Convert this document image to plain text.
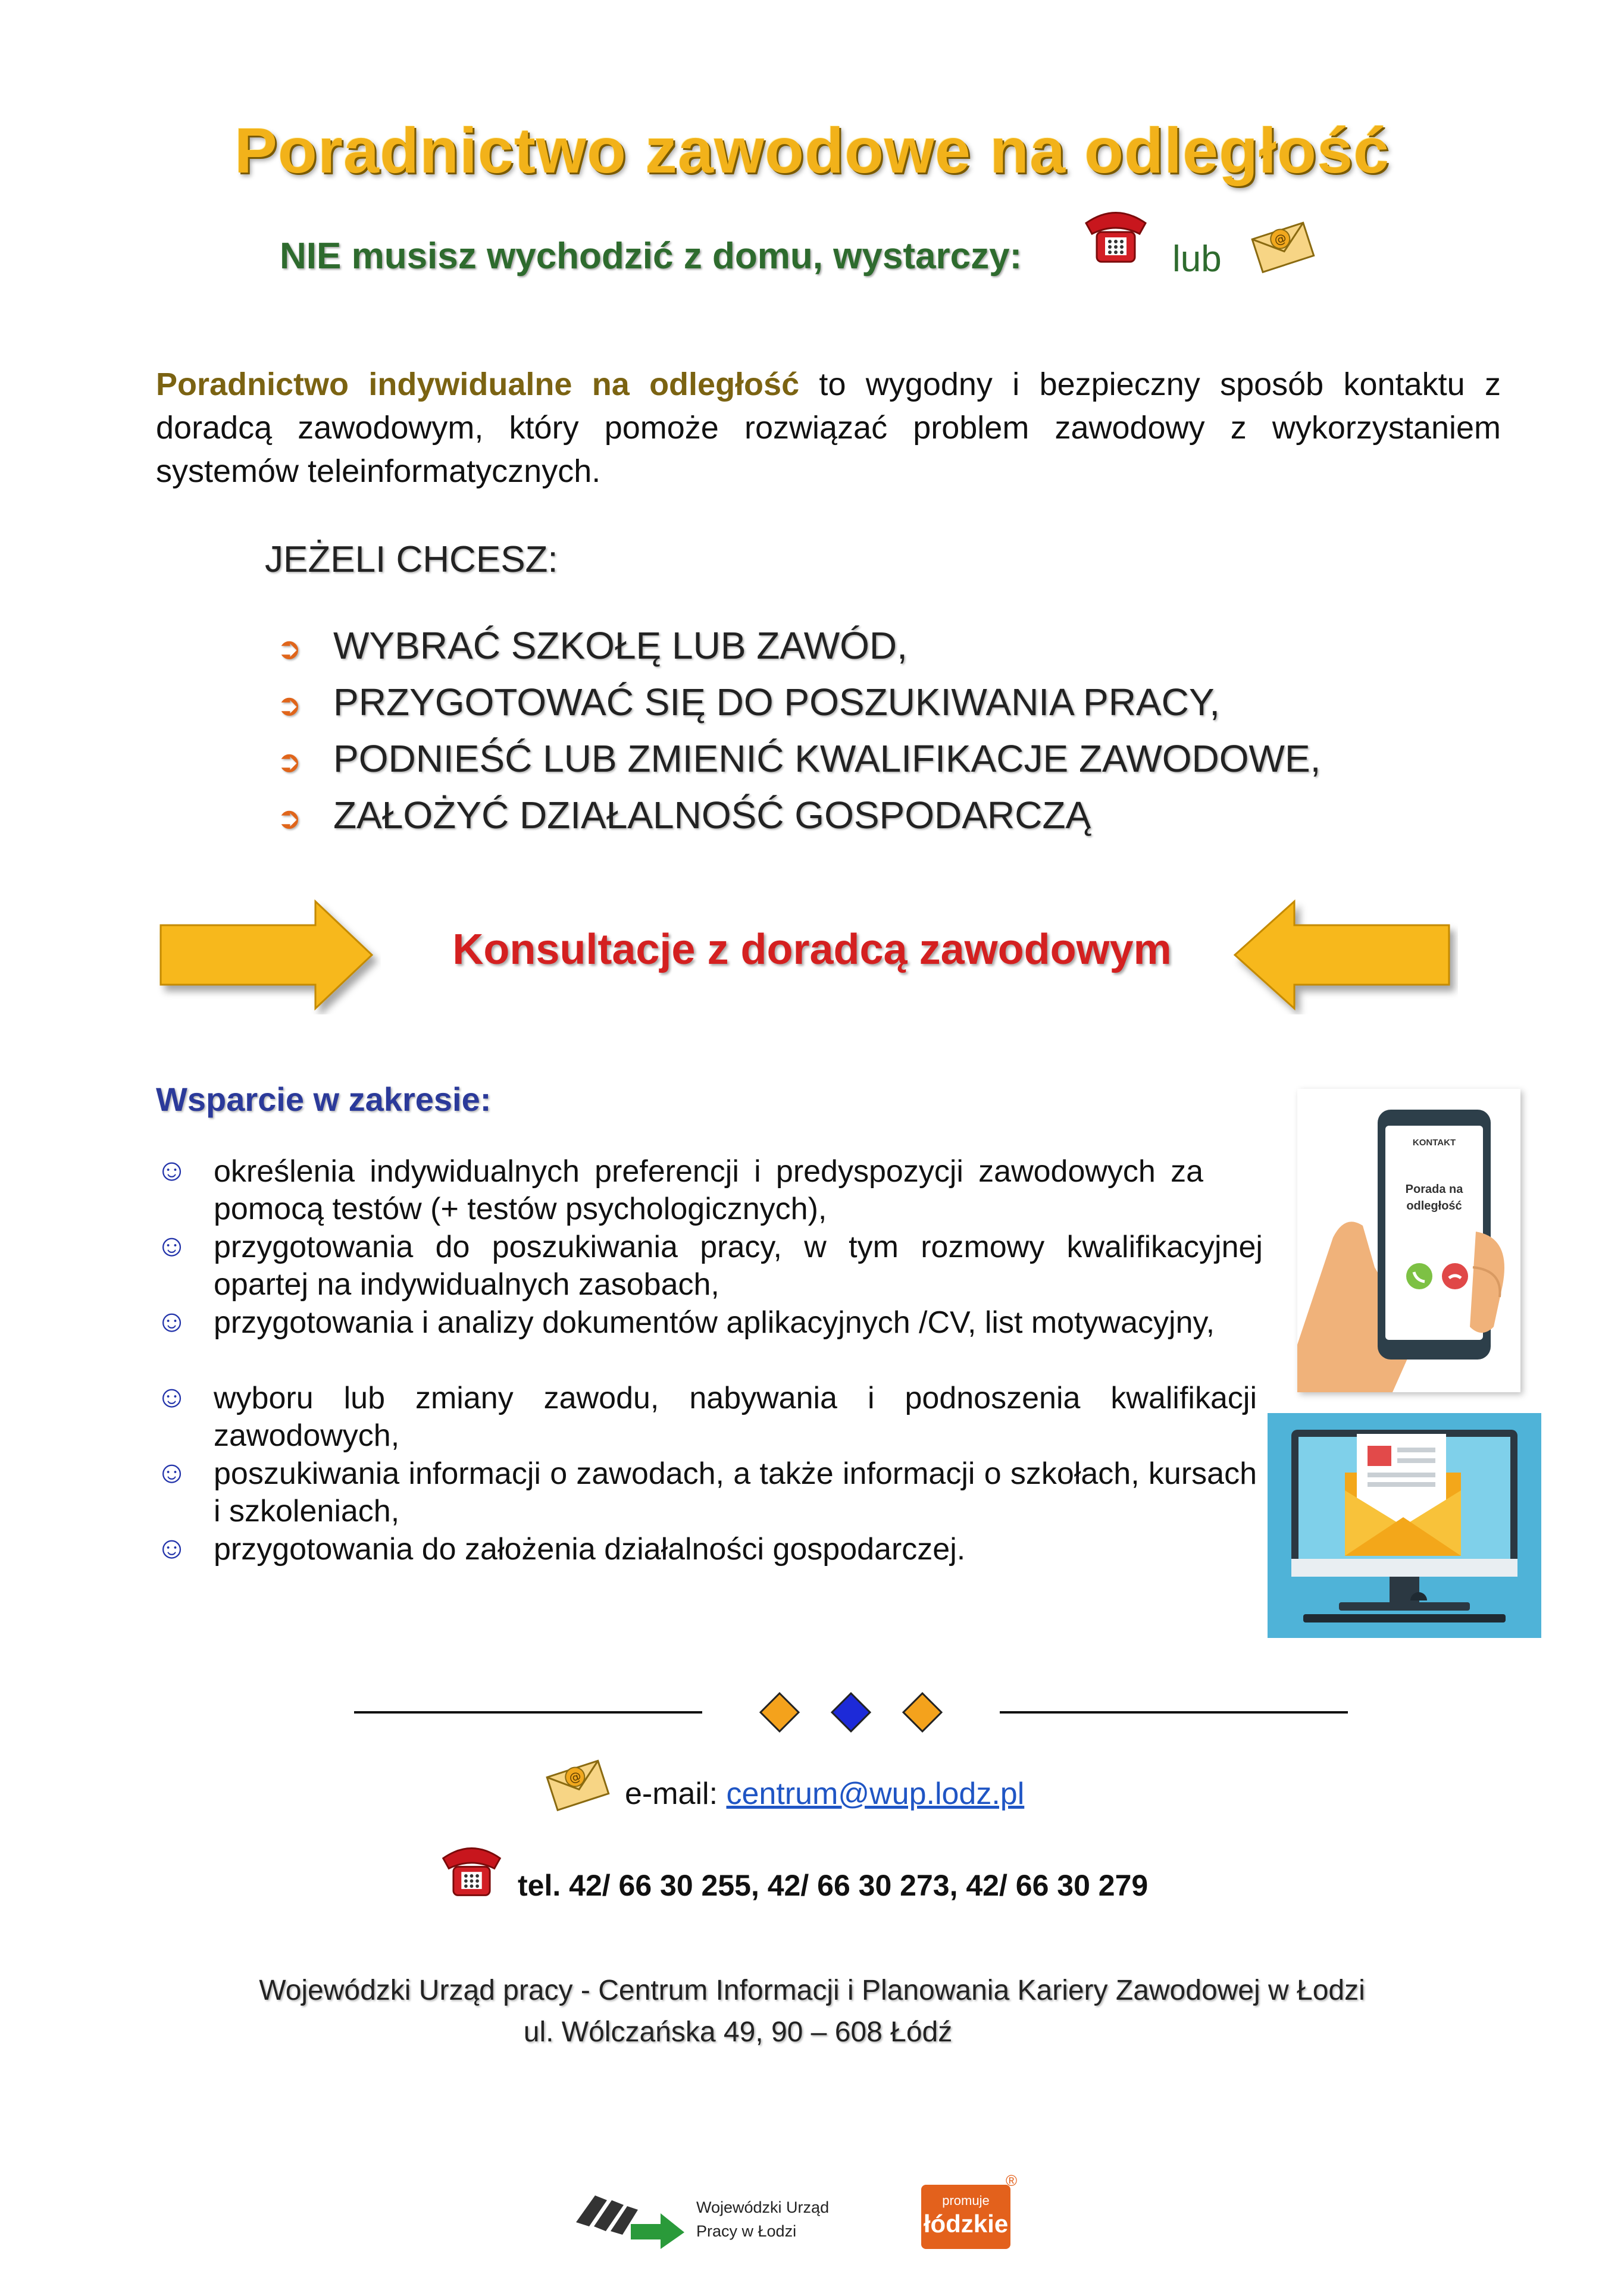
Poradnictwo zawodowe na odległość
NIE musisz wychodzić z domu, wystarczy:	lub	@
Poradnictwo indywidualne na odległość to wygodny i bezpieczny sposób kontaktu z doradcą zawodowym, który pomoże rozwiązać problem zawodowy z wykorzystaniem systemów teleinformatycznych.
JEŻELI CHCESZ:
➲ WYBRAĆ SZKOŁĘ LUB ZAWÓD,
➲ PRZYGOTOWAĆ SIĘ DO POSZUKIWANIA PRACY,
➲ PODNIEŚĆ LUB ZMIENIĆ KWALIFIKACJE ZAWODOWE,
➲ ZAŁOŻYĆ DZIAŁALNOŚĆ GOSPODARCZĄ
Konsultacje z doradcą zawodowym
Wsparcie w zakresie:
☺ określenia indywidualnych preferencji i predyspozycji zawodowych za pomocą testów (+ testów psychologicznych),
☺ przygotowania do poszukiwania pracy, w tym rozmowy kwalifikacyjnej opartej na indywidualnych zasobach,
☺ przygotowania i analizy dokumentów aplikacyjnych /CV, list motywacyjny,
☺ wyboru lub zmiany zawodu, nabywania i podnoszenia kwalifikacji zawodowych,
☺ poszukiwania informacji o zawodach, a także informacji o szkołach, kursach i szkoleniach,
☺ przygotowania do założenia działalności gospodarczej.
KONTAKT
Porada na odległość
@ e-mail: centrum@wup.lodz.pl
tel. 42/ 66 30 255, 42/ 66 30 273, 42/ 66 30 279
Wojewódzki Urząd pracy - Centrum Informacji i Planowania Kariery Zawodowej w Łodzi
ul. Wólczańska 49, 90 – 608 Łódź
Wojewódzki Urząd
Pracy w Łodzi
promuje
łódzkie
®
